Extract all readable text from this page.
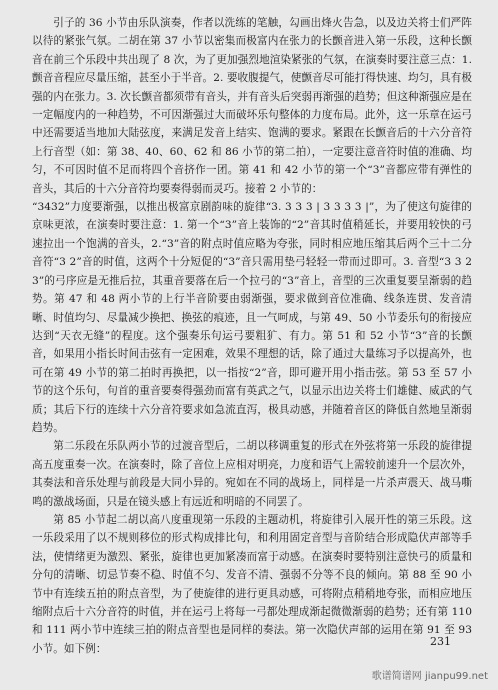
引子的 36 小节由乐队演奏，作者以洗练的笔触，勾画出烽火告急，以及边关将士们严阵以待的紧张气氛。二胡在第 37 小节以密集而极富内在张力的长颤音进入第一乐段，这种长颤音在前三个乐段中共出现了 8 次，为了更加强烈地渲染紧张的气氛，在演奏时要注意三点：1. 颤音音程应尽量压缩，甚至小于半音。2. 要收腹提气，使颤音尽可能打得快速、均匀，具有极强的内在张力。3. 次长颤音都须带有音头，并有音头后突弱再渐强的趋势；但这种渐强应是在一定幅度内的一种趋势，不可因渐强过大而破坏乐句整体的力度布局。此外，这一乐章在运弓中还需要适当地加大陆弦度，来满足发音上结实、饱满的要求。紧跟在长颤音后的十六分音符上行音型（如：第 38、40、60、62 和 86 小节的第二拍），一定要注意音符时值的准确、均匀，不可因时值不足而将四个音挤作一团。第 41 和 42 小节的第一个“3”音都应带有弹性的音头，其后的十六分音符均要奏得弱而灵巧。接着 2 小节的：

“3432”力度要渐强，以推出极富京剧韵味的旋律“3. 3 3 3 | 3 3 3 3 |”，为了使这句旋律的京味更浓，在演奏时要注意：1. 第一个“3”音上装饰的“2”音其时值稍延长，并要用较快的弓速拉出一个饱满的音头，2.“3”音的附点时值应略为夸张，同时相应地压缩其后两个三十二分音符“3 2”音的时值，这两个十分短促的“3”音只需用垫弓轻轻一带而过即可。3. 音型“3 3 2 3”的弓序应是无推后拉，其重音要落在后一个拉弓的“3”音上，音型的三次重复要呈渐弱的趋势。第 47 和 48 两小节的上行半音阶要由弱渐强，要求做到音位准确、线条连贯、发音清晰、时值均匀、尽量减少换把、换弦的痕迹，且一气呵成，与第 49、50 小节委乐句的衔接应达到“天衣无缝”的程度。这个强奏乐句运弓要粗犷、有力。第 51 和 52 小节“3”音的长颤音，如果用小指长时间击弦有一定困难，效果不理想的话，除了通过大量练习予以提高外，也可在第 49 小节的第二拍时再换把，以一指按“2”音，即可避开用小指击弦。第 53 至 57 小节的这个乐句，句首的重音要奏得强劲而富有英武之气，以显示出边关将士们雄健、威武的气质；其后下行的连续十六分音符要求如急流直泻，极具动感，并随着音区的降低自然地呈渐弱趋势。

第二乐段在乐队两小节的过渡音型后，二胡以移调重复的形式在外弦将第一乐段的旋律提高五度重奏一次。在演奏时，除了音位上应相对明亮，力度和语气上需较前速升一个层次外，其奏法和音乐处理与前段是大同小异的。宛如在不同的战场上，同样是一片杀声震天、战马嘶鸣的激战场面，只是在镜头感上有远近和明暗的不同罢了。

第 85 小节起二胡以高八度重现第一乐段的主题动机，将旋律引入展开性的第三乐段。这一乐段采用了以不规则移位的形式构成排比句，和利用固定音型与音阶结合形成隐伏声部等手法，使情绪更为激烈、紧张，旋律也更加紧凑而富于动感。在演奏时要特别注意快弓的质量和分句的清晰、切忌节奏不稳、时值不匀、发音不清、强弱不分等不良的倾向。第 88 至 90 小节中有连续五拍的附点音型，为了使旋律的进行更具动感，可将附点稍稍地夸张，而相应地压缩附点后十六分音符的时值，并在运弓上将每一弓都处理成渐起微微渐弱的趋势；还有第 110 和 111 两小节中连续三拍的附点音型也是同样的奏法。第一次隐伏声部的运用在第 91 至 93 小节。如下例：

231
歌谱简谱网 jianpu99.net
